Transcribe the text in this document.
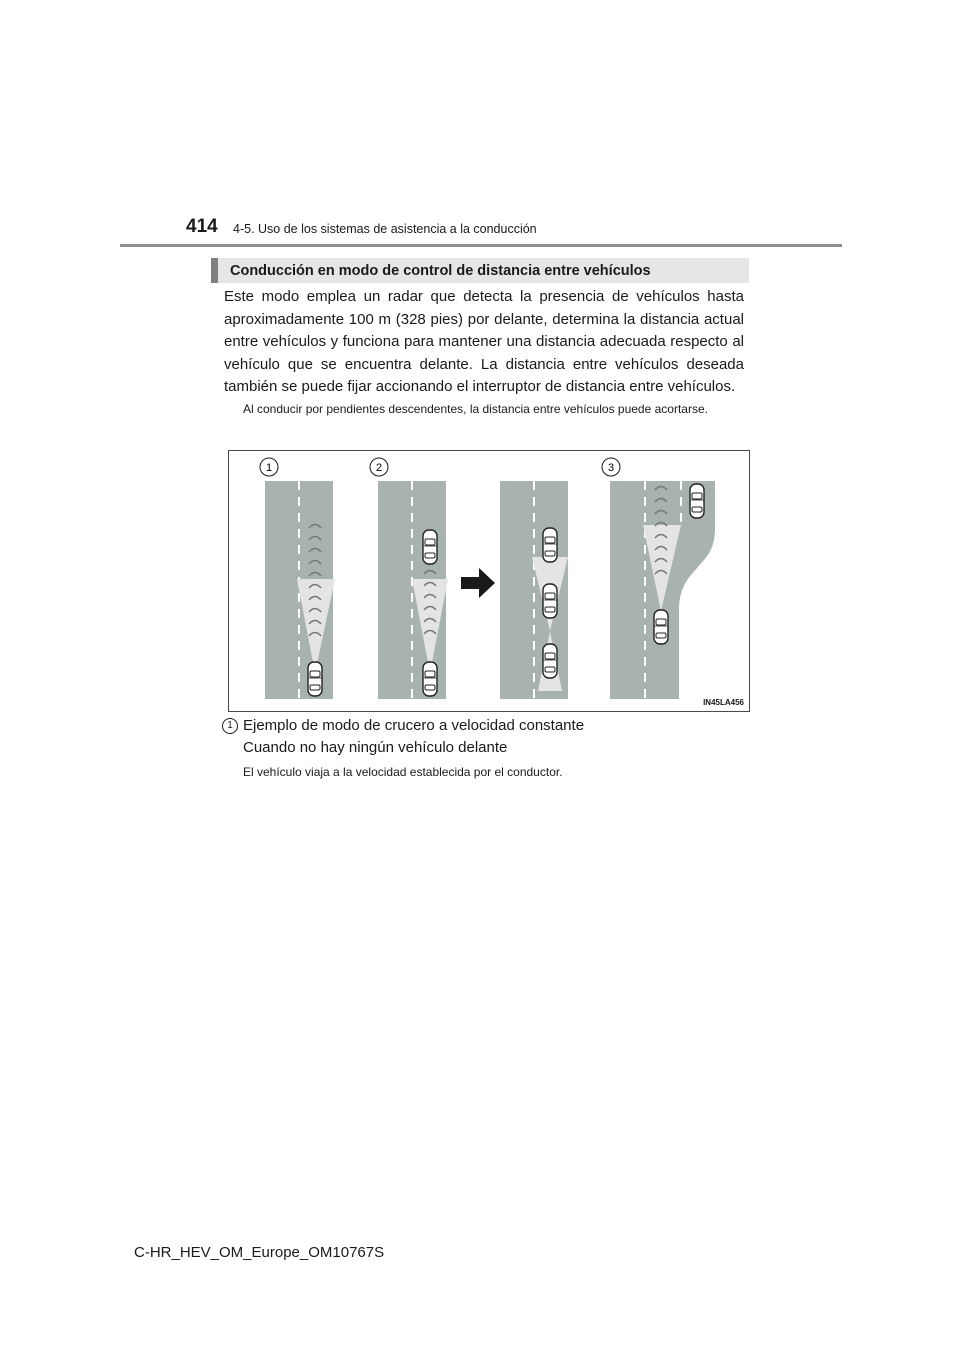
414 4-5. Uso de los sistemas de asistencia a la conducción
Conducción en modo de control de distancia entre vehículos

Este modo emplea un radar que detecta la presencia de vehículos hasta aproximadamente 100 m (328 pies) por delante, determina la distancia actual entre vehículos y funciona para mantener una distancia adecuada respecto al vehículo que se encuentra delante. La distancia entre vehículos deseada también se puede fijar accionando el interruptor de distancia entre vehículos.

Al conducir por pendientes descendentes, la distancia entre vehículos puede acortarse.

1	2	3
IN45LA456
1 Ejemplo de modo de crucero a velocidad constante
Cuando no hay ningún vehículo delante
El vehículo viaja a la velocidad establecida por el conductor.
C-HR_HEV_OM_Europe_OM10767S
